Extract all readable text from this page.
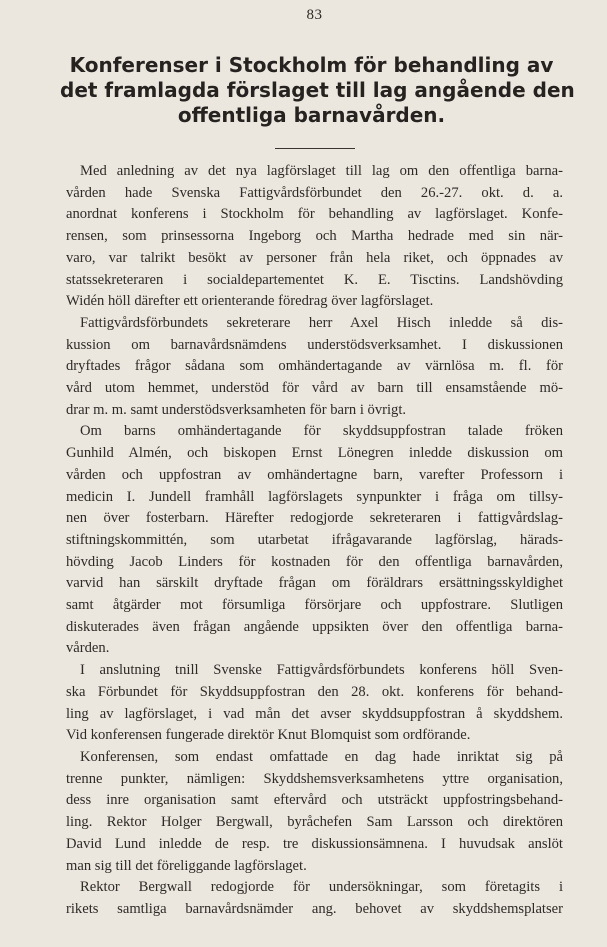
83
Konferenser i Stockholm för behandling av
det framlagda förslaget till lag angående den
offentliga barnavården.
Med anledning av det nya lagförslaget till lag om den offentliga barna-
vården hade Svenska Fattigvårdsförbundet den 26.-27. okt. d. a.
anordnat konferens i Stockholm för behandling av lagförslaget. Konfe-
rensen, som prinsessorna Ingeborg och Martha hedrade med sin när-
varo, var talrikt besökt av personer från hela riket, och öppnades av
statssekreteraren i socialdepartementet K. E. Tisctins. Landshövding
Widén höll därefter ett orienterande föredrag över lagförslaget.
Fattigvårdsförbundets sekreterare herr Axel Hisch inledde så dis-
kussion om barnavårdsnämdens understödsverksamhet. I diskussionen
dryftades frågor sådana som omhändertagande av värnlösa m. fl. för
vård utom hemmet, understöd för vård av barn till ensamstående mö-
drar m. m. samt understödsverksamheten för barn i övrigt.
Om barns omhändertagande för skyddsuppfostran talade fröken
Gunhild Almén, och biskopen Ernst Lönegren inledde diskussion om
vården och uppfostran av omhändertagne barn, varefter Professorn i
medicin I. Jundell framhåll lagförslagets synpunkter i fråga om tillsy-
nen över fosterbarn. Härefter redogjorde sekreteraren i fattigvårdslag-
stiftningskommittén, som utarbetat ifrågavarande lagförslag, härads-
hövding Jacob Linders för kostnaden för den offentliga barnavården,
varvid han särskilt dryftade frågan om föräldrars ersättningsskyldighet
samt åtgärder mot försumliga försörjare och uppfostrare. Slutligen
diskuterades även frågan angående uppsikten över den offentliga barna-
vården.
I anslutning tnill Svenske Fattigvårdsförbundets konferens höll Sven-
ska Förbundet för Skyddsuppfostran den 28. okt. konferens för behand-
ling av lagförslaget, i vad mån det avser skyddsuppfostran å skyddshem.
Vid konferensen fungerade direktör Knut Blomquist som ordförande.
Konferensen, som endast omfattade en dag hade inriktat sig på
trenne punkter, nämligen: Skyddshemsverksamhetens yttre organisation,
dess inre organisation samt eftervård och utsträckt uppfostringsbehand-
ling. Rektor Holger Bergwall, byråchefen Sam Larsson och direktören
David Lund inledde de resp. tre diskussionsämnena. I huvudsak anslöt
man sig till det föreliggande lagförslaget.
Rektor Bergwall redogjorde för undersökningar, som företagits i
rikets samtliga barnavårdsnämder ang. behovet av skyddshemsplatser
